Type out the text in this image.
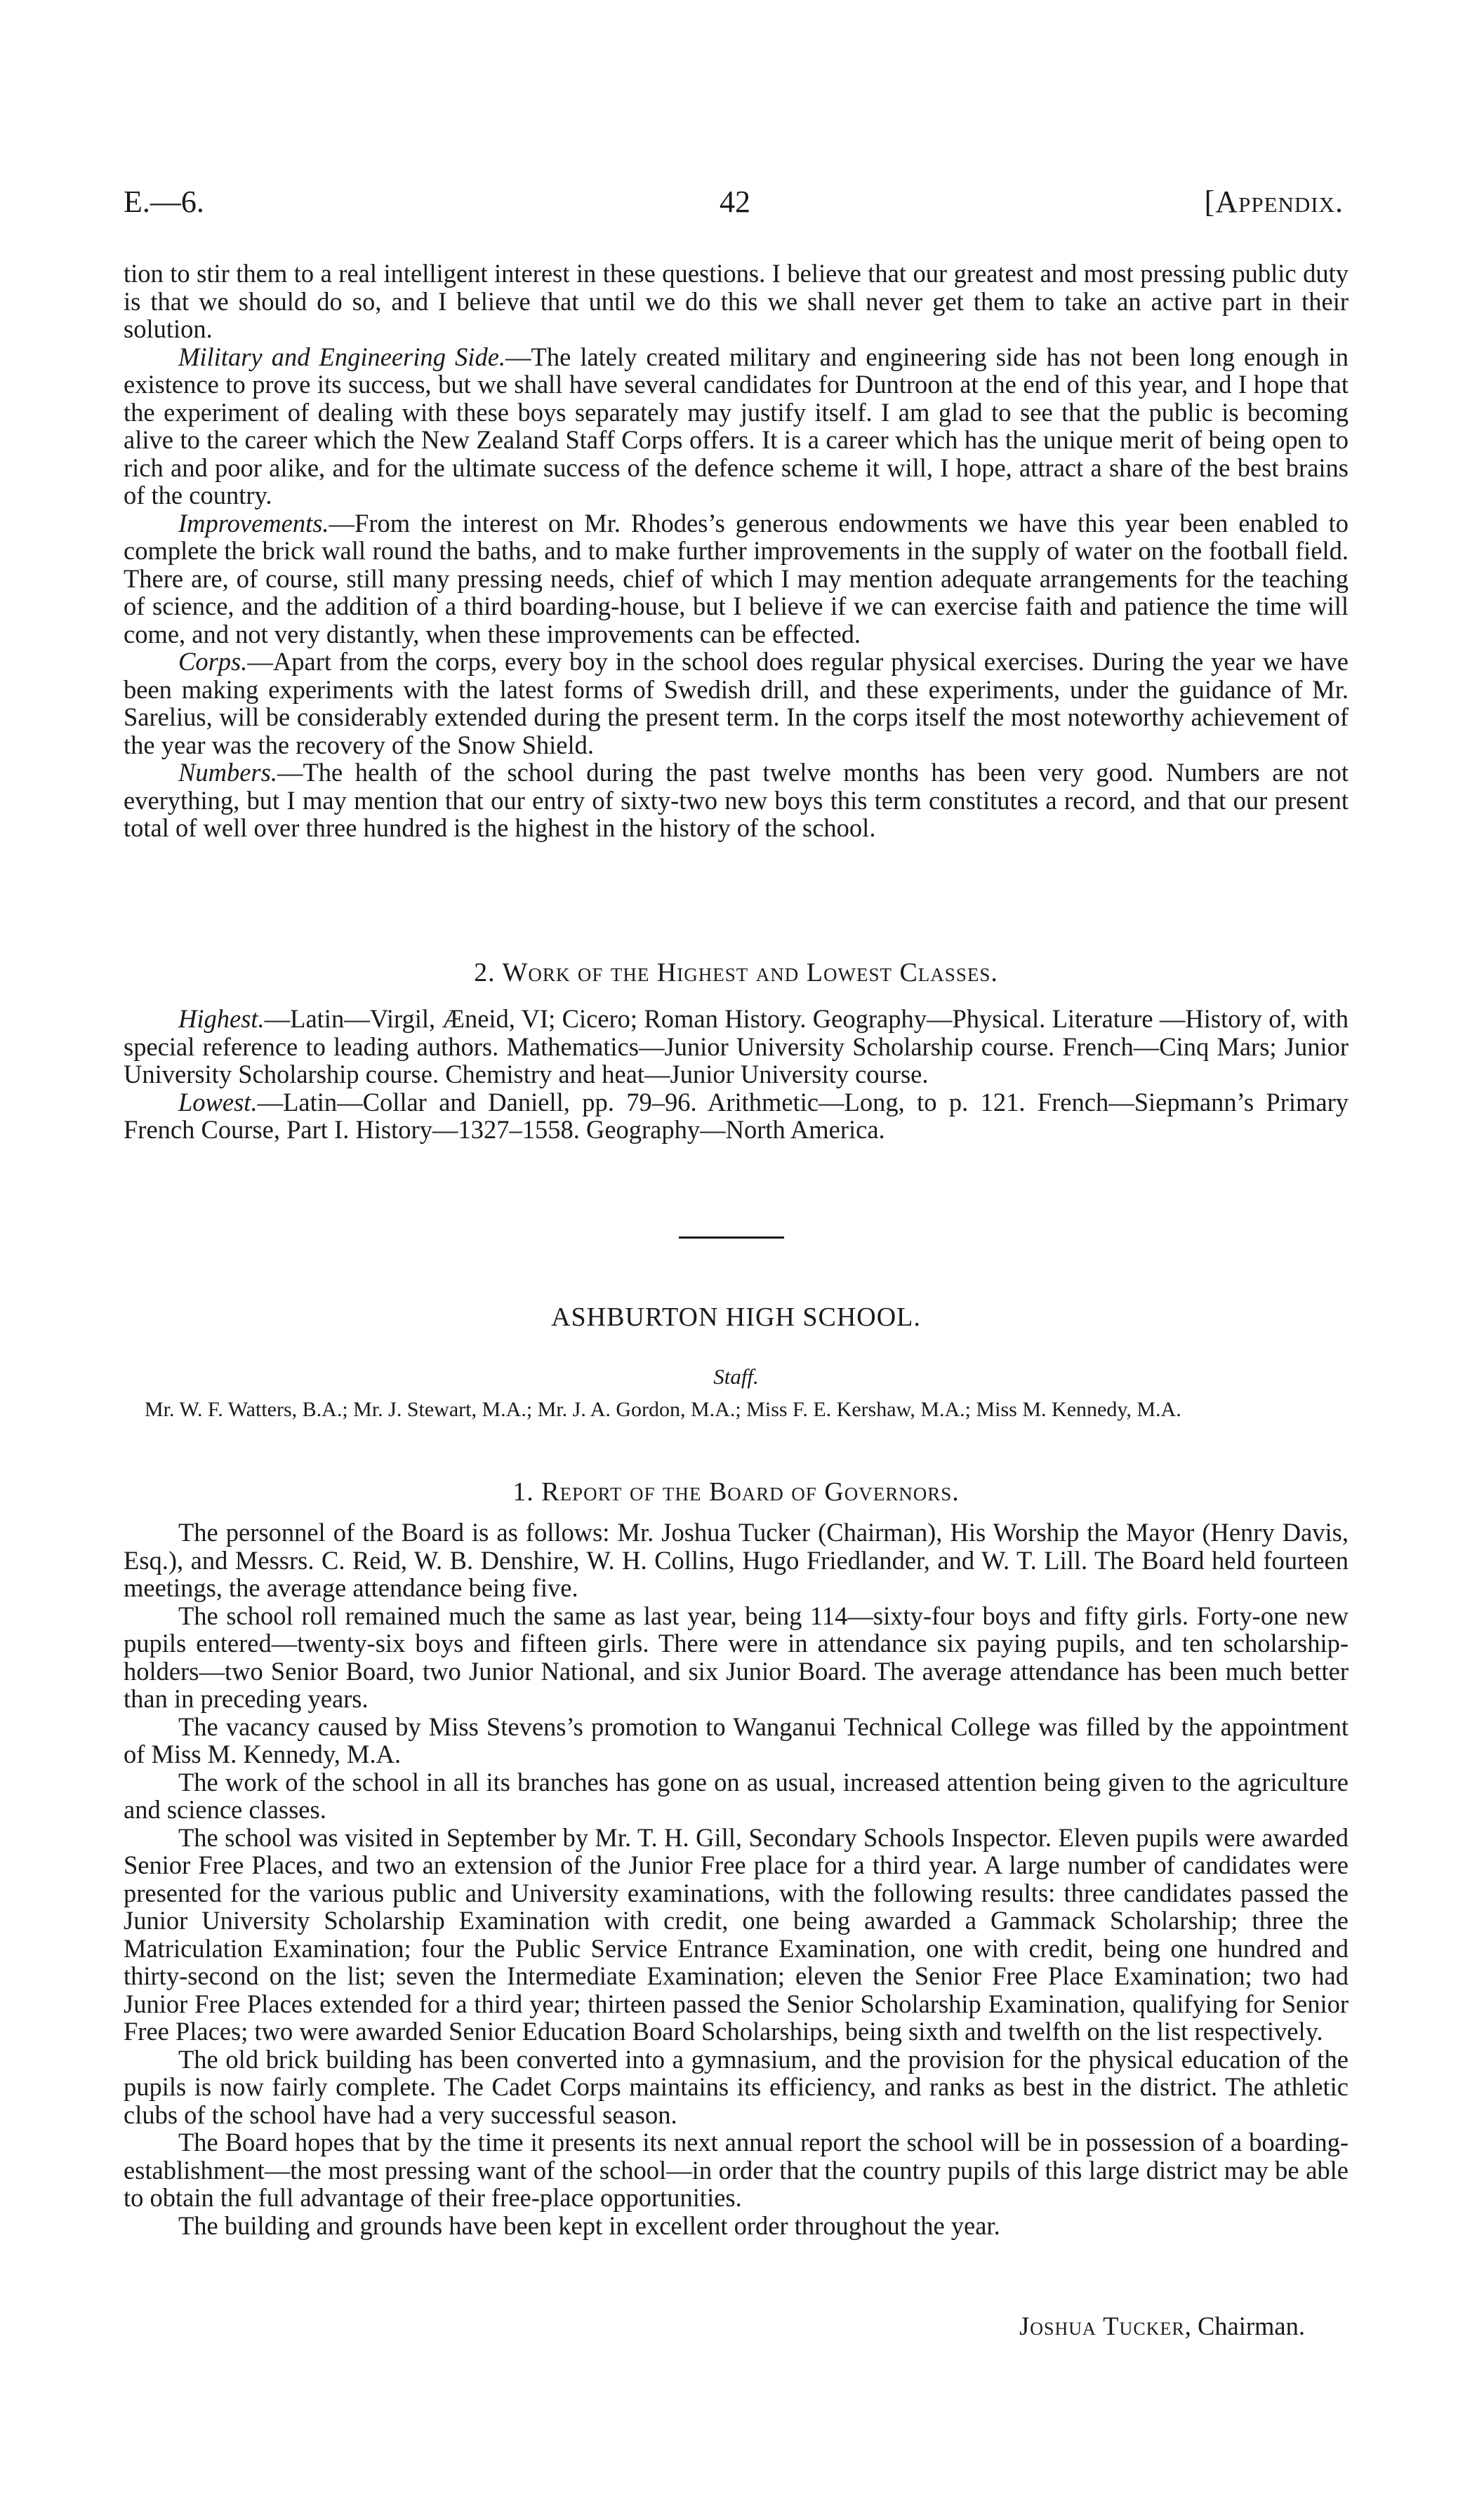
E.—6.	42	[Appendix.

tion to stir them to a real intelligent interest in these questions. I believe that our greatest and most pressing public duty is that we should do so, and I believe that until we do this we shall never get them to take an active part in their solution.

Military and Engineering Side.—The lately created military and engineering side has not been long enough in existence to prove its success, but we shall have several candidates for Duntroon at the end of this year, and I hope that the experiment of dealing with these boys separately may justify itself. I am glad to see that the public is becoming alive to the career which the New Zealand Staff Corps offers. It is a career which has the unique merit of being open to rich and poor alike, and for the ultimate success of the defence scheme it will, I hope, attract a share of the best brains of the country.

Improvements.—From the interest on Mr. Rhodes’s generous endowments we have this year been enabled to complete the brick wall round the baths, and to make further improvements in the supply of water on the football field. There are, of course, still many pressing needs, chief of which I may mention adequate arrangements for the teaching of science, and the addition of a third boarding-house, but I believe if we can exercise faith and patience the time will come, and not very distantly, when these improvements can be effected.

Corps.—Apart from the corps, every boy in the school does regular physical exercises. During the year we have been making experiments with the latest forms of Swedish drill, and these experiments, under the guidance of Mr. Sarelius, will be considerably extended during the present term. In the corps itself the most noteworthy achievement of the year was the recovery of the Snow Shield.

Numbers.—The health of the school during the past twelve months has been very good. Numbers are not everything, but I may mention that our entry of sixty-two new boys this term constitutes a record, and that our present total of well over three hundred is the highest in the history of the school.

2. Work of the Highest and Lowest Classes.

Highest.—Latin—Virgil, Æneid, VI; Cicero; Roman History. Geography—Physical. Literature —History of, with special reference to leading authors. Mathematics—Junior University Scholarship course. French—Cinq Mars; Junior University Scholarship course. Chemistry and heat—Junior University course.

Lowest.—Latin—Collar and Daniell, pp. 79–96. Arithmetic—Long, to p. 121. French—Siepmann’s Primary French Course, Part I. History—1327–1558. Geography—North America.

ASHBURTON HIGH SCHOOL.
Staff.

Mr. W. F. Watters, B.A.; Mr. J. Stewart, M.A.; Mr. J. A. Gordon, M.A.; Miss F. E. Kershaw, M.A.; Miss M. Kennedy, M.A.

1. Report of the Board of Governors.

The personnel of the Board is as follows: Mr. Joshua Tucker (Chairman), His Worship the Mayor (Henry Davis, Esq.), and Messrs. C. Reid, W. B. Denshire, W. H. Collins, Hugo Friedlander, and W. T. Lill. The Board held fourteen meetings, the average attendance being five.

The school roll remained much the same as last year, being 114—sixty-four boys and fifty girls. Forty-one new pupils entered—twenty-six boys and fifteen girls. There were in attendance six paying pupils, and ten scholarship-holders—two Senior Board, two Junior National, and six Junior Board. The average attendance has been much better than in preceding years.

The vacancy caused by Miss Stevens’s promotion to Wanganui Technical College was filled by the appointment of Miss M. Kennedy, M.A.

The work of the school in all its branches has gone on as usual, increased attention being given to the agriculture and science classes.

The school was visited in September by Mr. T. H. Gill, Secondary Schools Inspector. Eleven pupils were awarded Senior Free Places, and two an extension of the Junior Free place for a third year. A large number of candidates were presented for the various public and University examinations, with the following results: three candidates passed the Junior University Scholarship Examination with credit, one being awarded a Gammack Scholarship; three the Matriculation Examination; four the Public Service Entrance Examination, one with credit, being one hundred and thirty-second on the list; seven the Intermediate Examination; eleven the Senior Free Place Examination; two had Junior Free Places extended for a third year; thirteen passed the Senior Scholarship Examination, qualifying for Senior Free Places; two were awarded Senior Education Board Scholarships, being sixth and twelfth on the list respectively.

The old brick building has been converted into a gymnasium, and the provision for the physical education of the pupils is now fairly complete. The Cadet Corps maintains its efficiency, and ranks as best in the district. The athletic clubs of the school have had a very successful season.

The Board hopes that by the time it presents its next annual report the school will be in possession of a boarding-establishment—the most pressing want of the school—in order that the country pupils of this large district may be able to obtain the full advantage of their free-place opportunities.

The building and grounds have been kept in excellent order throughout the year.

Joshua Tucker, Chairman.
